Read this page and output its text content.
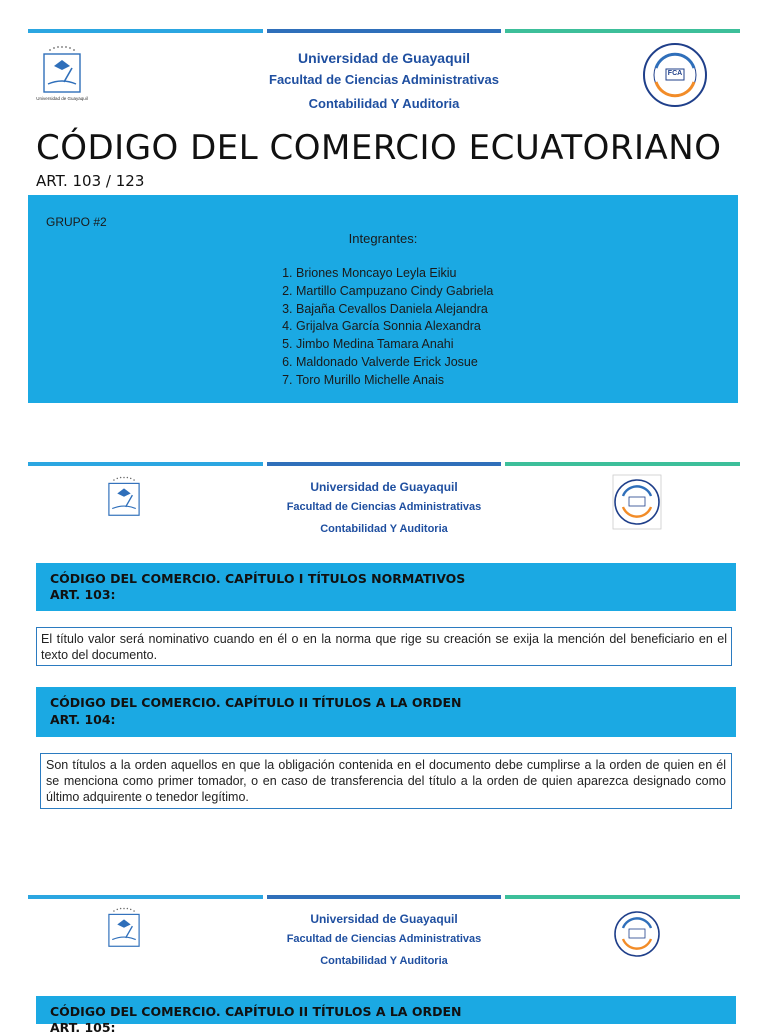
Universidad de Guayaquil
Universidad de Guayaquil
Facultad de Ciencias Administrativas
Contabilidad Y Auditoria
FCA
CÓDIGO DEL COMERCIO ECUATORIANO
ART. 103 / 123
GRUPO #2
Integrantes:
1. Briones Moncayo Leyla Eikiu
2. Martillo Campuzano Cindy Gabriela
3. Bajaña Cevallos Daniela Alejandra
4. Grijalva García Sonnia Alexandra
5. Jimbo Medina Tamara Anahi
6. Maldonado Valverde Erick Josue
7. Toro Murillo Michelle Anais
Universidad de Guayaquil
Facultad de Ciencias Administrativas
Contabilidad Y Auditoria
CÓDIGO DEL COMERCIO. CAPÍTULO I TÍTULOS NORMATIVOS
ART. 103:
El título valor será nominativo cuando en él o en la norma que rige su creación se exija la mención del beneficiario en el texto del documento.
CÓDIGO DEL COMERCIO. CAPÍTULO II TÍTULOS A LA ORDEN
ART. 104:
Son títulos a la orden aquellos en que la obligación contenida en el documento debe cumplirse a la orden de quien en él se menciona como primer tomador, o en caso de transferencia del título a la orden de quien aparezca designado como último adquirente o tenedor legítimo.
Universidad de Guayaquil
Facultad de Ciencias Administrativas
Contabilidad Y Auditoria
CÓDIGO DEL COMERCIO. CAPÍTULO II TÍTULOS A LA ORDEN
ART. 105:
